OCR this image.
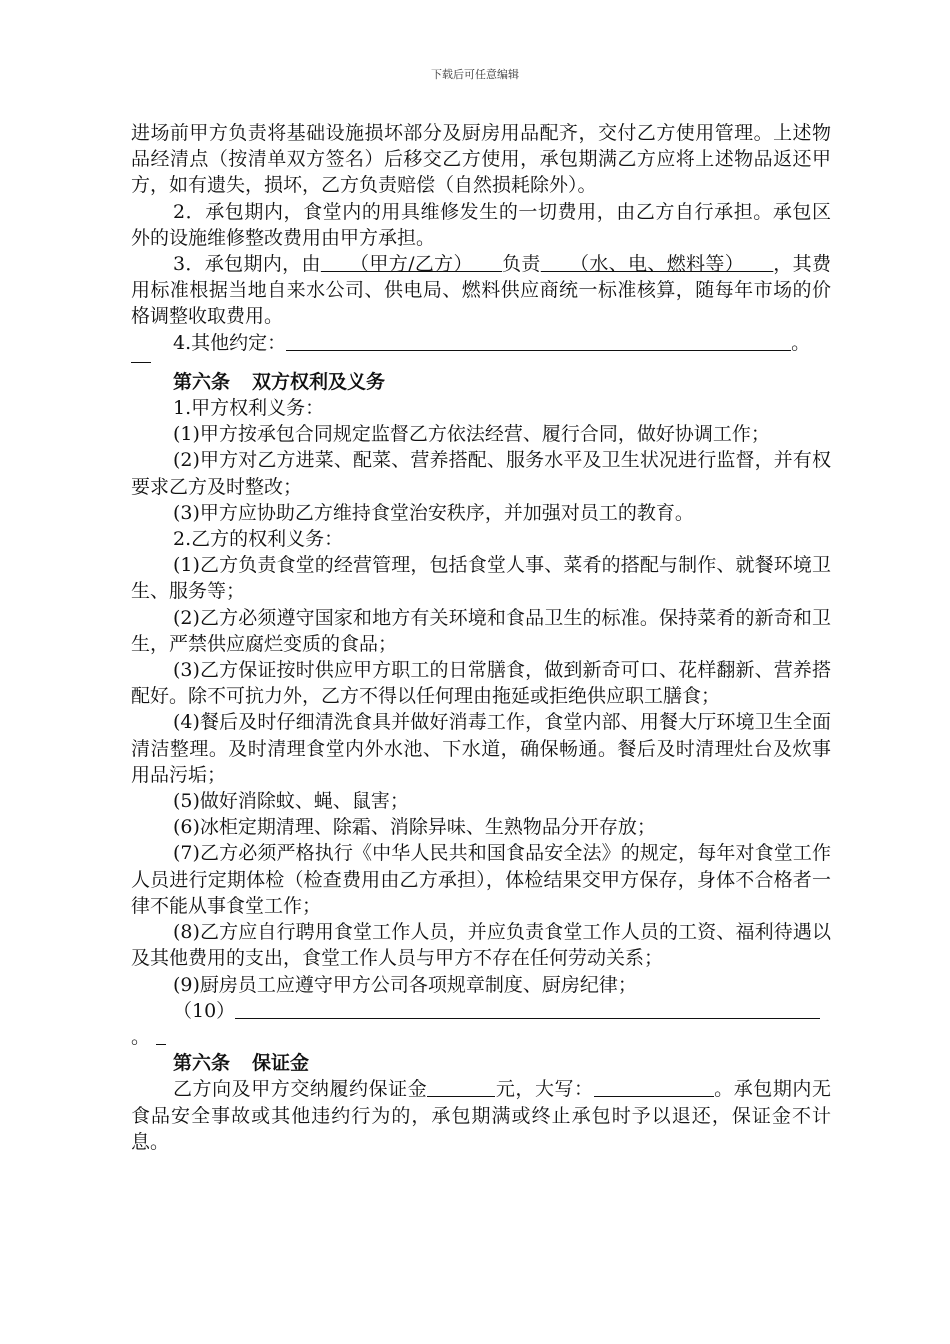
下载后可任意编辑

进场前甲方负责将基础设施损坏部分及厨房用品配齐，交付乙方使用管理。上述物品经清点（按清单双方签名）后移交乙方使用，承包期满乙方应将上述物品返还甲方，如有遗失，损坏，乙方负责赔偿（自然损耗除外）。

2．承包期内，食堂内的用具维修发生的一切费用，由乙方自行承担。承包区外的设施维修整改费用由甲方承担。

3．承包期内，由　　（甲方/乙方）　　负责　　（水、电、燃料等）　　，其费用标准根据当地自来水公司、供电局、燃料供应商统一标准核算，随每年市场的价格调整收取费用。

4.其他约定：	。

第六条 双方权利及义务

1.甲方权利义务：

(1)甲方按承包合同规定监督乙方依法经营、履行合同，做好协调工作；

(2)甲方对乙方进菜、配菜、营养搭配、服务水平及卫生状况进行监督，并有权要求乙方及时整改；

(3)甲方应协助乙方维持食堂治安秩序，并加强对员工的教育。

2.乙方的权利义务：

(1)乙方负责食堂的经营管理，包括食堂人事、菜肴的搭配与制作、就餐环境卫生、服务等；

(2)乙方必须遵守国家和地方有关环境和食品卫生的标准。保持菜肴的新奇和卫生，严禁供应腐烂变质的食品；

(3)乙方保证按时供应甲方职工的日常膳食，做到新奇可口、花样翻新、营养搭配好。除不可抗力外，乙方不得以任何理由拖延或拒绝供应职工膳食；

(4)餐后及时仔细清洗食具并做好消毒工作，食堂内部、用餐大厅环境卫生全面清洁整理。及时清理食堂内外水池、下水道，确保畅通。餐后及时清理灶台及炊事用品污垢；

(5)做好消除蚊、蝇、鼠害；

(6)冰柜定期清理、除霜、消除异味、生熟物品分开存放；

(7)乙方必须严格执行《中华人民共和国食品安全法》的规定，每年对食堂工作人员进行定期体检（检查费用由乙方承担），体检结果交甲方保存，身体不合格者一律不能从事食堂工作；

(8)乙方应自行聘用食堂工作人员，并应负责食堂工作人员的工资、福利待遇以及其他费用的支出，食堂工作人员与甲方不存在任何劳动关系；

(9)厨房员工应遵守甲方公司各项规章制度、厨房纪律；

（10）

。

第六条 保证金

乙方向及甲方交纳履约保证金	元，大写：	。承包期内无食品安全事故或其他违约行为的，承包期满或终止承包时予以退还，保证金不计息。
